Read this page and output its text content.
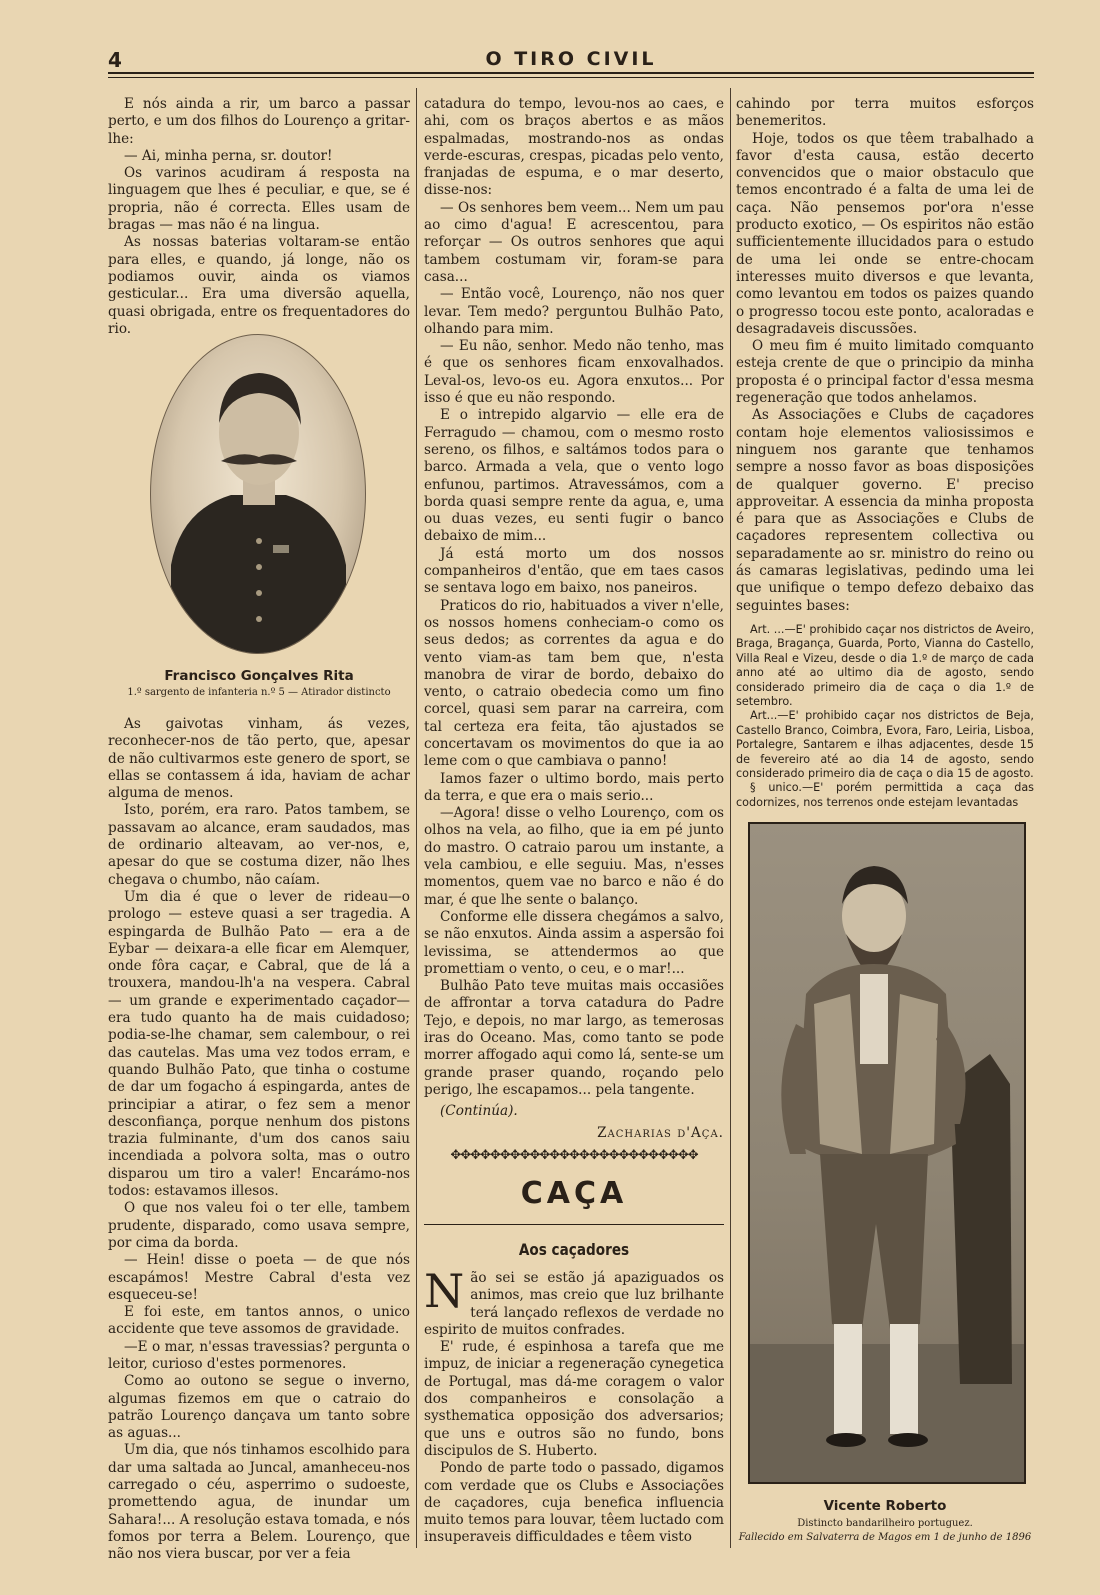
4	O TIRO CIVIL

E nós ainda a rir, um barco a passar perto, e um dos filhos do Lourenço a gritar-lhe:

— Ai, minha perna, sr. doutor!

Os varinos acudiram á resposta na linguagem que lhes é peculiar, e que, se é propria, não é correcta. Elles usam de bragas — mas não é na lingua.

As nossas baterias voltaram-se então para elles, e quando, já longe, não os podiamos ouvir, ainda os viamos gesticular... Era uma diversão aquella, quasi obrigada, entre os frequentadores do rio.

Francisco Gonçalves Rita
1.º sargento de infanteria n.º 5 — Atirador distincto

As gaivotas vinham, ás vezes, reconhecer-nos de tão perto, que, apesar de não cultivarmos este genero de sport, se ellas se contassem á ida, haviam de achar alguma de menos.

Isto, porém, era raro. Patos tambem, se passavam ao alcance, eram saudados, mas de ordinario alteavam, ao ver-nos, e, apesar do que se costuma dizer, não lhes chegava o chumbo, não caíam.

Um dia é que o lever de rideau—o prologo — esteve quasi a ser tragedia. A espingarda de Bulhão Pato — era a de Eybar — deixara-a elle ficar em Alemquer, onde fôra caçar, e Cabral, que de lá a trouxera, mandou-lh'a na vespera. Cabral — um grande e experimentado caçador—era tudo quanto ha de mais cuidadoso; podia-se-lhe chamar, sem calembour, o rei das cautelas. Mas uma vez todos erram, e quando Bulhão Pato, que tinha o costume de dar um fogacho á espingarda, antes de principiar a atirar, o fez sem a menor desconfiança, porque nenhum dos pistons trazia fulminante, d'um dos canos saiu incendiada a polvora solta, mas o outro disparou um tiro a valer! Encarámo-nos todos: estavamos illesos.

O que nos valeu foi o ter elle, tambem prudente, disparado, como usava sempre, por cima da borda.

— Hein! disse o poeta — de que nós escapámos! Mestre Cabral d'esta vez esqueceu-se!

E foi este, em tantos annos, o unico accidente que teve assomos de gravidade.

—E o mar, n'essas travessias? pergunta o leitor, curioso d'estes pormenores.

Como ao outono se segue o inverno, algumas fizemos em que o catraio do patrão Lourenço dançava um tanto sobre as aguas...

Um dia, que nós tinhamos escolhido para dar uma saltada ao Juncal, amanheceu-nos carregado o céu, asperrimo o sudoeste, promettendo agua, de inundar um Sahara!... A resolução estava tomada, e nós fomos por terra a Belem. Lourenço, que não nos viera buscar, por ver a feia

catadura do tempo, levou-nos ao caes, e ahi, com os braços abertos e as mãos espalmadas, mostrando-nos as ondas verde-escuras, crespas, picadas pelo vento, franjadas de espuma, e o mar deserto, disse-nos:

— Os senhores bem veem... Nem um pau ao cimo d'agua! E acrescentou, para reforçar — Os outros senhores que aqui tambem costumam vir, foram-se para casa...

— Então você, Lourenço, não nos quer levar. Tem medo? perguntou Bulhão Pato, olhando para mim.

— Eu não, senhor. Medo não tenho, mas é que os senhores ficam enxovalhados. Leval-os, levo-os eu. Agora enxutos... Por isso é que eu não respondo.

E o intrepido algarvio — elle era de Ferragudo — chamou, com o mesmo rosto sereno, os filhos, e saltámos todos para o barco. Armada a vela, que o vento logo enfunou, partimos. Atravessámos, com a borda quasi sempre rente da agua, e, uma ou duas vezes, eu senti fugir o banco debaixo de mim...

Já está morto um dos nossos companheiros d'então, que em taes casos se sentava logo em baixo, nos paneiros.

Praticos do rio, habituados a viver n'elle, os nossos homens conheciam-o como os seus dedos; as correntes da agua e do vento viam-as tam bem que, n'esta manobra de virar de bordo, debaixo do vento, o catraio obedecia como um fino corcel, quasi sem parar na carreira, com tal certeza era feita, tão ajustados se concertavam os movimentos do que ia ao leme com o que cambiava o panno!

Iamos fazer o ultimo bordo, mais perto da terra, e que era o mais serio...

—Agora! disse o velho Lourenço, com os olhos na vela, ao filho, que ia em pé junto do mastro. O catraio parou um instante, a vela cambiou, e elle seguiu. Mas, n'esses momentos, quem vae no barco e não é do mar, é que lhe sente o balanço.

Conforme elle dissera chegámos a salvo, se não enxutos. Ainda assim a aspersão foi levissima, se attendermos ao que promettiam o vento, o ceu, e o mar!...

Bulhão Pato teve muitas mais occasiões de affrontar a torva catadura do Padre Tejo, e depois, no mar largo, as temerosas iras do Oceano. Mas, como tanto se pode morrer affogado aqui como lá, sente-se um grande praser quando, roçando pelo perigo, lhe escapamos... pela tangente.

(Continúa).

Zacharias d'Aça.

✥✥✥✥✥✥✥✥✥✥✥✥✥✥✥✥✥✥✥✥✥✥✥✥✥
CAÇA
Aos caçadores

Não sei se estão já apaziguados os animos, mas creio que luz brilhante terá lançado reflexos de verdade no espirito de muitos confrades.

E' rude, é espinhosa a tarefa que me impuz, de iniciar a regeneração cynegetica de Portugal, mas dá-me coragem o valor dos companheiros e consolação a systhematica opposição dos adversarios; que uns e outros são no fundo, bons discipulos de S. Huberto.

Pondo de parte todo o passado, digamos com verdade que os Clubs e Associações de caçadores, cuja benefica influencia muito temos para louvar, têem luctado com insuperaveis difficuldades e têem visto

cahindo por terra muitos esforços benemeritos.

Hoje, todos os que têem trabalhado a favor d'esta causa, estão decerto convencidos que o maior obstaculo que temos encontrado é a falta de uma lei de caça. Não pensemos por'ora n'esse producto exotico, — Os espiritos não estão sufficientemente illucidados para o estudo de uma lei onde se entre-chocam interesses muito diversos e que levanta, como levantou em todos os paizes quando o progresso tocou este ponto, acaloradas e desagradaveis discussões.

O meu fim é muito limitado comquanto esteja crente de que o principio da minha proposta é o principal factor d'essa mesma regeneração que todos anhelamos.

As Associações e Clubs de caçadores contam hoje elementos valiosissimos e ninguem nos garante que tenhamos sempre a nosso favor as boas disposições de qualquer governo. E' preciso approveitar. A essencia da minha proposta é para que as Associações e Clubs de caçadores representem collectiva ou separadamente ao sr. ministro do reino ou ás camaras legislativas, pedindo uma lei que unifique o tempo defezo debaixo das seguintes bases:

Art. ...—E' prohibido caçar nos districtos de Aveiro, Braga, Bragança, Guarda, Porto, Vianna do Castello, Villa Real e Vizeu, desde o dia 1.º de março de cada anno até ao ultimo dia de agosto, sendo considerado primeiro dia de caça o dia 1.º de setembro.

Art...—E' prohibido caçar nos districtos de Beja, Castello Branco, Coimbra, Evora, Faro, Leiria, Lisboa, Portalegre, Santarem e ilhas adjacentes, desde 15 de fevereiro até ao dia 14 de agosto, sendo considerado primeiro dia de caça o dia 15 de agosto.

§ unico.—E' porém permittida a caça das codornizes, nos terrenos onde estejam levantadas

Vicente Roberto
Distincto bandarilheiro portuguez.
Fallecido em Salvaterra de Magos em 1 de junho de 1896
